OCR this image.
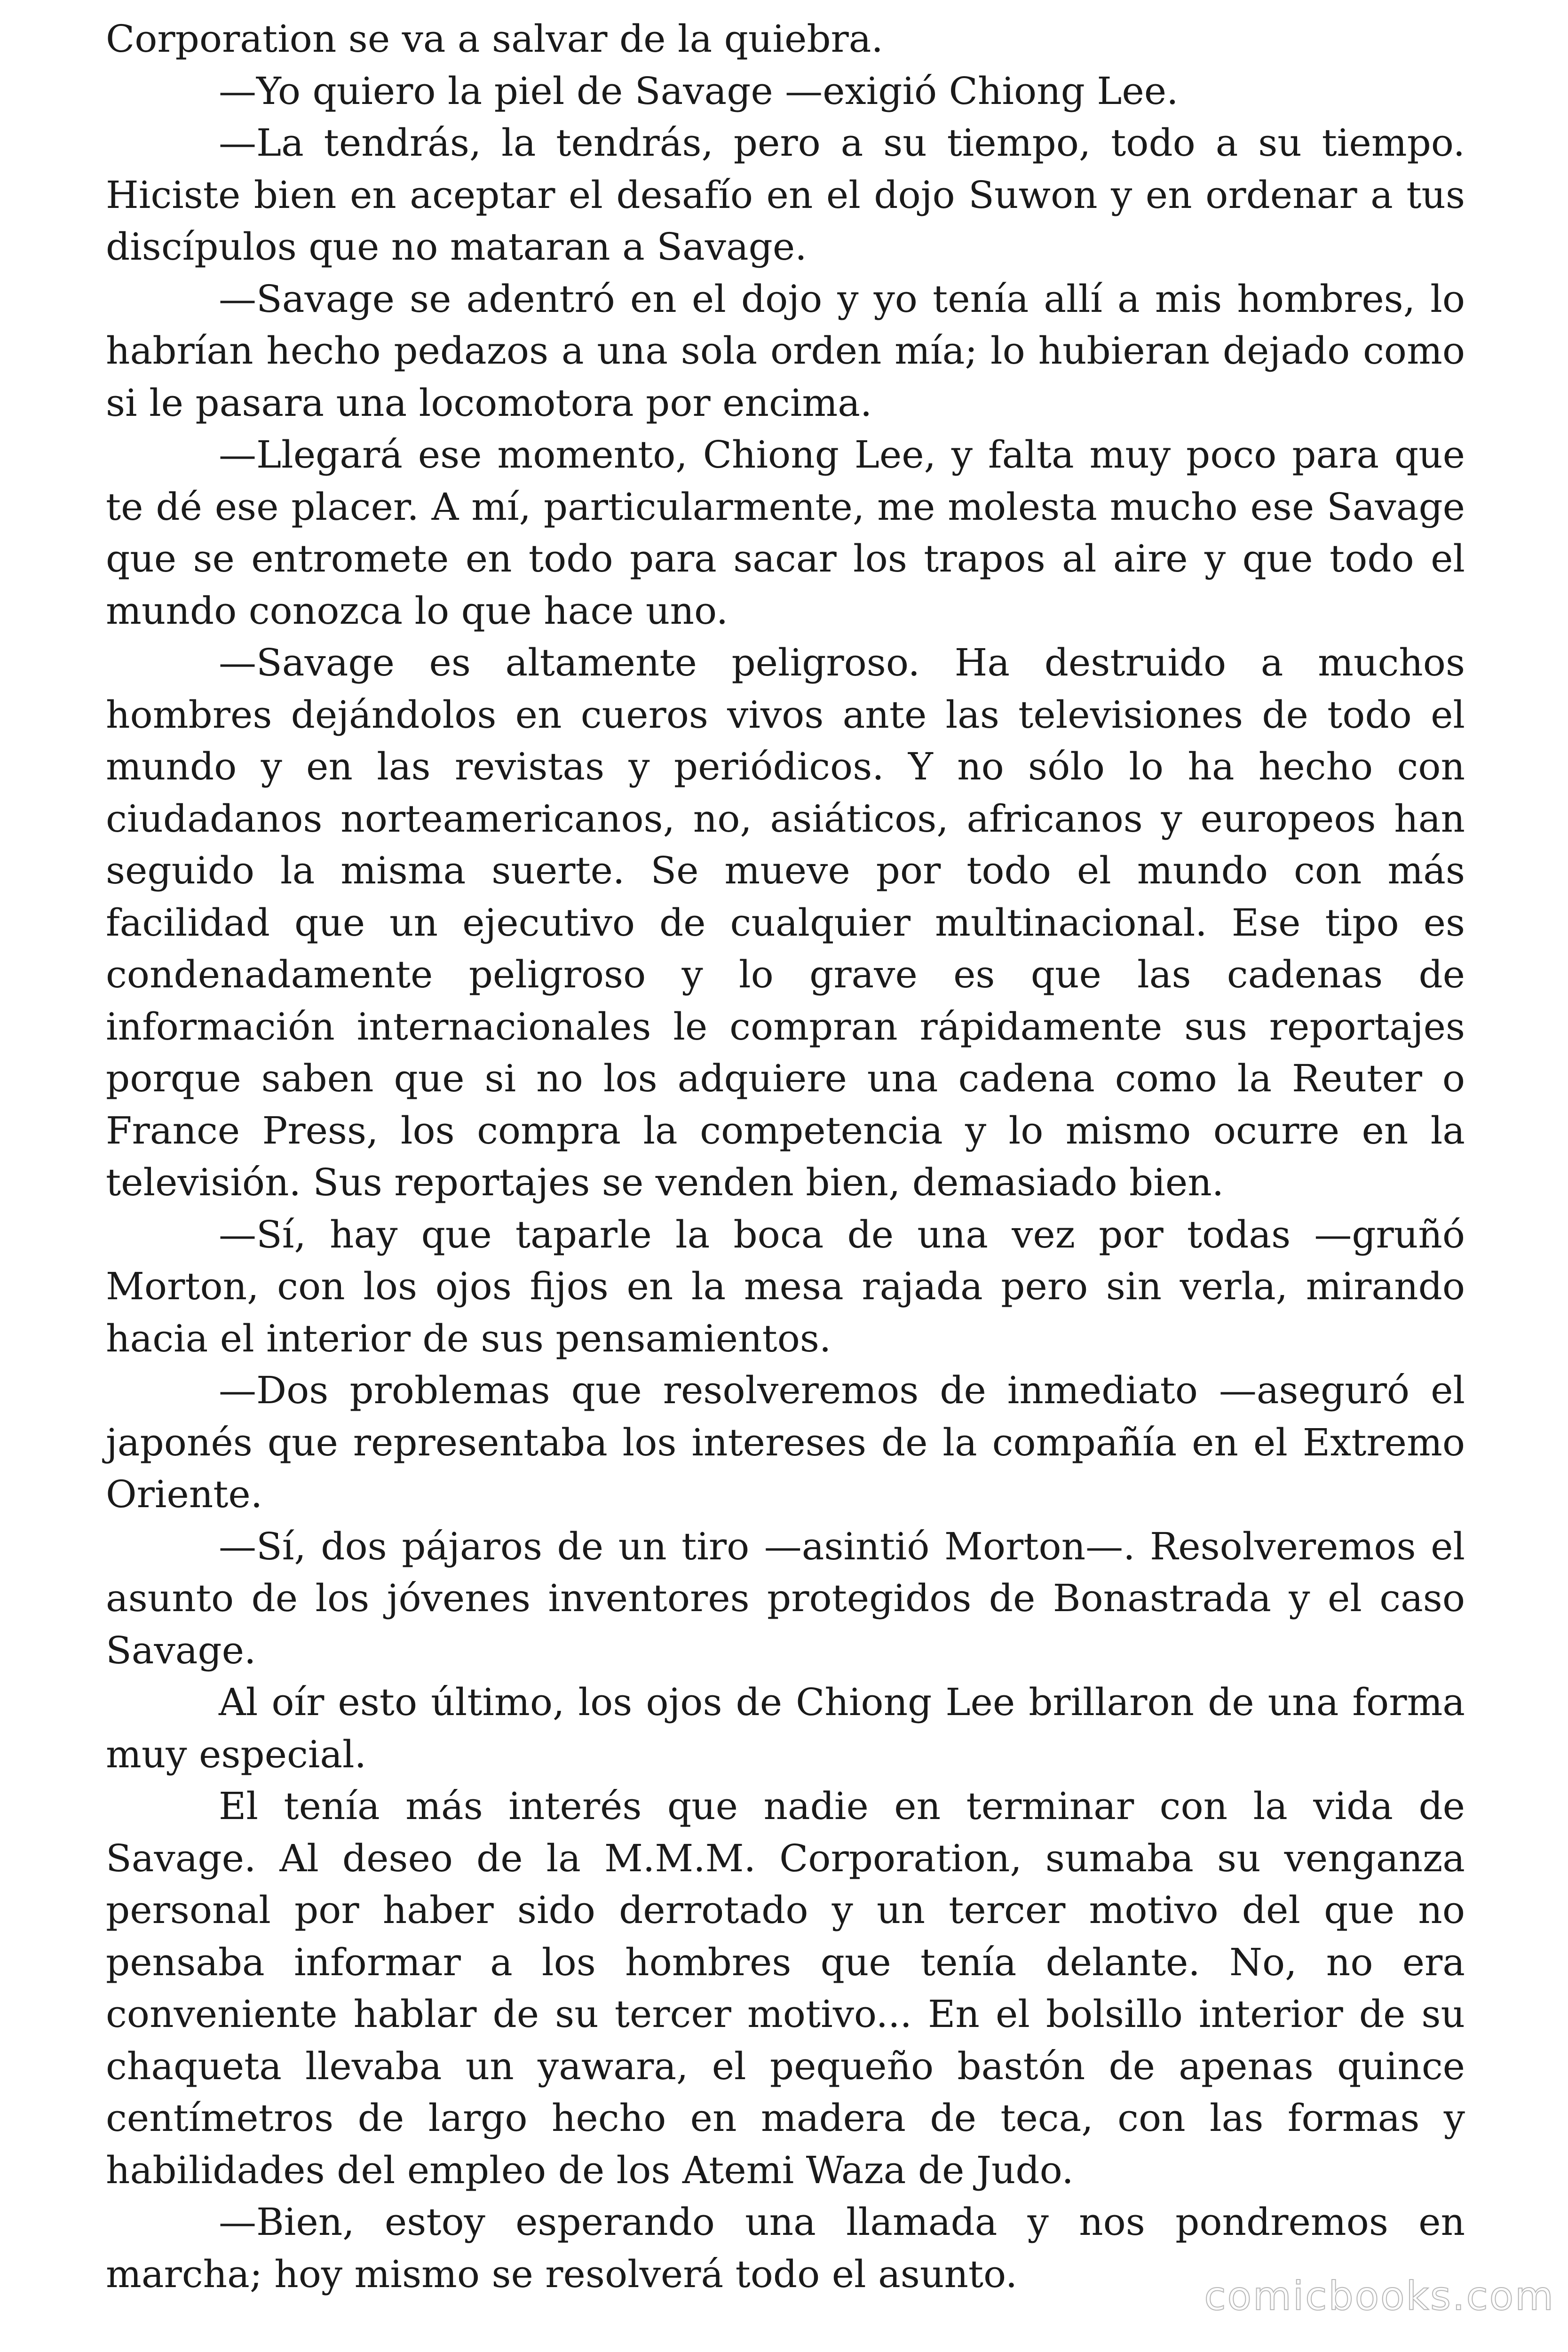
Corporation se va a salvar de la quiebra.

—Yo quiero la piel de Savage —exigió Chiong Lee.

—La tendrás, la tendrás, pero a su tiempo, todo a su tiempo. Hiciste bien en aceptar el desafío en el dojo Suwon y en ordenar a tus discípulos que no mataran a Savage.

—Savage se adentró en el dojo y yo tenía allí a mis hombres, lo habrían hecho pedazos a una sola orden mía; lo hubieran dejado como si le pasara una locomotora por encima.

—Llegará ese momento, Chiong Lee, y falta muy poco para que te dé ese placer. A mí, particularmente, me molesta mucho ese Savage que se entromete en todo para sacar los trapos al aire y que todo el mundo conozca lo que hace uno.

—Savage es altamente peligroso. Ha destruido a muchos hombres dejándolos en cueros vivos ante las televisiones de todo el mundo y en las revistas y periódicos. Y no sólo lo ha hecho con ciudadanos norteamericanos, no, asiáticos, africanos y europeos han seguido la misma suerte. Se mueve por todo el mundo con más facilidad que un ejecutivo de cualquier multinacional. Ese tipo es condenadamente peligroso y lo grave es que las cadenas de información internacionales le compran rápidamente sus reportajes porque saben que si no los adquiere una cadena como la Reuter o France Press, los compra la competencia y lo mismo ocurre en la televisión. Sus reportajes se venden bien, demasiado bien.

—Sí, hay que taparle la boca de una vez por todas —gruñó Morton, con los ojos fijos en la mesa rajada pero sin verla, mirando hacia el interior de sus pensamientos.

—Dos problemas que resolveremos de inmediato —aseguró el japonés que representaba los intereses de la compañía en el Extremo Oriente.

—Sí, dos pájaros de un tiro —asintió Morton—. Resolveremos el asunto de los jóvenes inventores protegidos de Bonastrada y el caso Savage.

Al oír esto último, los ojos de Chiong Lee brillaron de una forma muy especial.

El tenía más interés que nadie en terminar con la vida de Savage. Al deseo de la M.M.M. Corporation, sumaba su venganza personal por haber sido derrotado y un tercer motivo del que no pensaba informar a los hombres que tenía delante. No, no era conveniente hablar de su tercer motivo... En el bolsillo interior de su chaqueta llevaba un yawara, el pequeño bastón de apenas quince centímetros de largo hecho en madera de teca, con las formas y habilidades del empleo de los Atemi Waza de Judo.

—Bien, estoy esperando una llamada y nos pondremos en marcha; hoy mismo se resolverá todo el asunto.	comicbooks.com
